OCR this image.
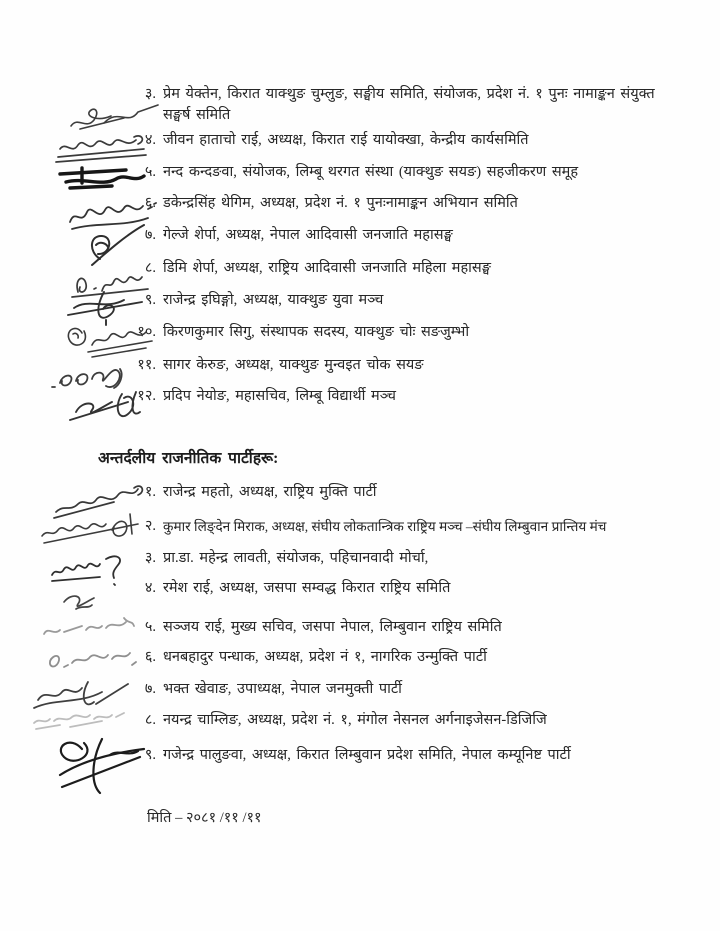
३. प्रेम येक्तेन, किरात याक्थुङ चुम्लुङ, सङ्घीय समिति, संयोजक, प्रदेश नं. १ पुनः नामाङ्कन संयुक्त सङ्घर्ष समिति
४. जीवन हाताचो राई, अध्यक्ष, किरात राई यायोक्खा, केन्द्रीय कार्यसमिति
५. नन्द कन्दङवा, संयोजक, लिम्बू थरगत संस्था (याक्थुङ सयङ) सहजीकरण समूह
६. डकेन्द्रसिंह थेगिम, अध्यक्ष, प्रदेश नं. १ पुनःनामाङ्कन अभियान समिति
७. गेल्जे शेर्पा, अध्यक्ष, नेपाल आदिवासी जनजाति महासङ्घ
८. डिमि शेर्पा, अध्यक्ष, राष्ट्रिय आदिवासी जनजाति महिला महासङ्घ
९. राजेन्द्र इघिङ्गो, अध्यक्ष, याक्थुङ युवा मञ्च
१०. किरणकुमार सिगु, संस्थापक सदस्य, याक्थुङ चोः सङजुम्भो
११. सागर केरुङ, अध्यक्ष, याक्थुङ मुन्वइत चोक सयङ
१२. प्रदिप नेयोङ, महासचिव, लिम्बू विद्यार्थी मञ्च
अन्तर्दलीय राजनीतिक पार्टीहरू:
१. राजेन्द्र महतो, अध्यक्ष, राष्ट्रिय मुक्ति पार्टी
२. कुमार लिङ्देन मिराक, अध्यक्ष, संघीय लोकतान्त्रिक राष्ट्रिय मञ्च –संघीय लिम्बुवान प्रान्तिय मंच
३. प्रा.डा. महेन्द्र लावती, संयोजक, पहिचानवादी मोर्चा,
४. रमेश राई, अध्यक्ष, जसपा सम्वद्ध किरात राष्ट्रिय समिति
५. सञ्जय राई, मुख्य सचिव, जसपा नेपाल, लिम्बुवान राष्ट्रिय समिति
६. धनबहादुर पन्धाक, अध्यक्ष, प्रदेश नं १, नागरिक उन्मुक्ति पार्टी
७. भक्त खेवाङ, उपाध्यक्ष, नेपाल जनमुक्ती पार्टी
८. नयन्द्र चाम्लिङ, अध्यक्ष, प्रदेश नं. १, मंगोल नेसनल अर्गनाइजेसन-डिजिजि
९. गजेन्द्र पालुङवा, अध्यक्ष, किरात लिम्बुवान प्रदेश समिति, नेपाल कम्यूनिष्ट पार्टी
मिति – २०८१ /११ /११
